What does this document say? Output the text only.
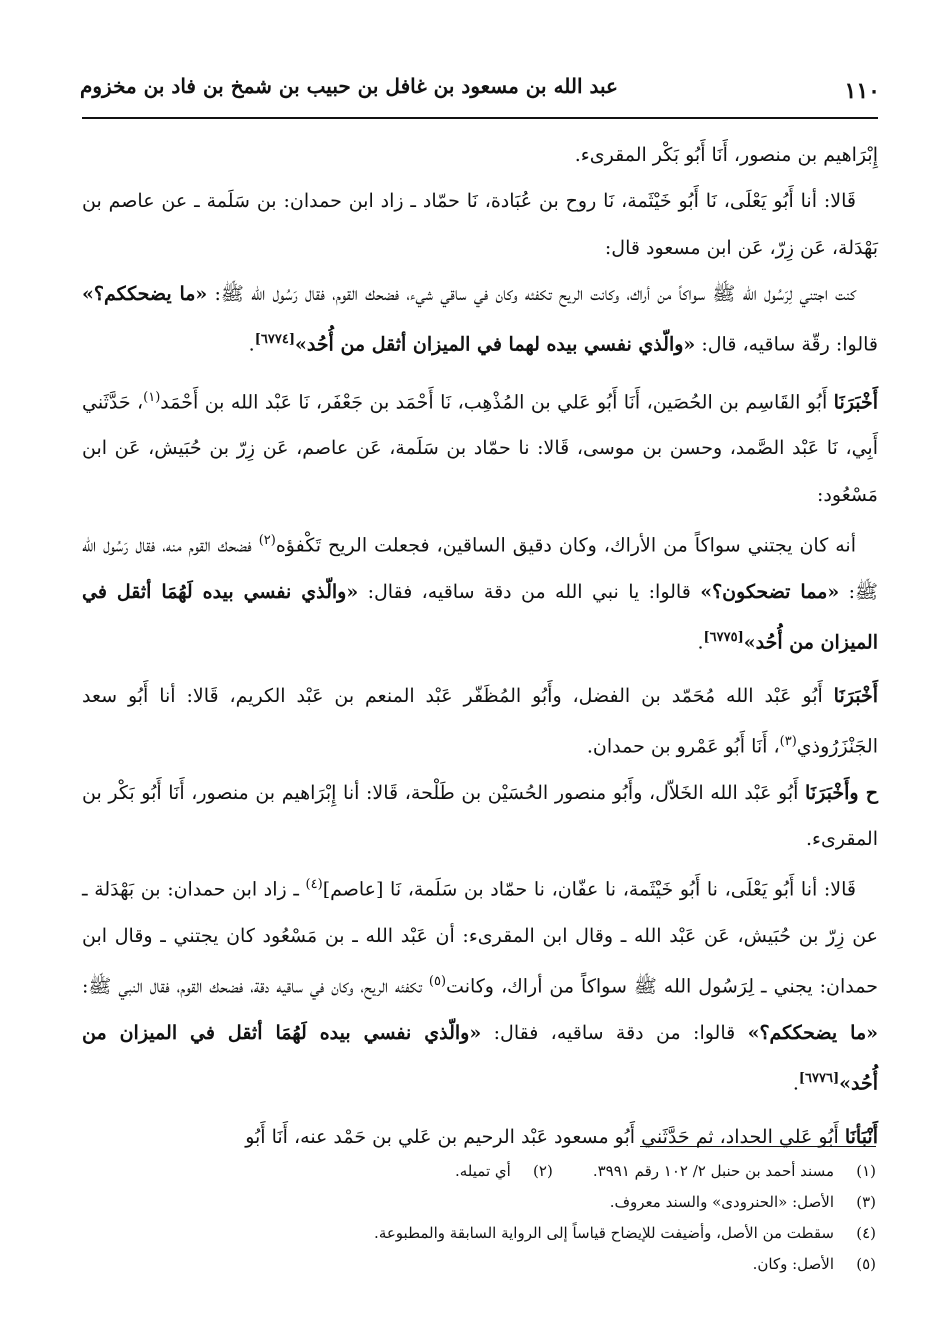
١١٠
عبد الله بن مسعود بن غافل بن حبيب بن شمخ بن فاد بن مخزوم

إِبْرَاهيم بن منصور، أَنَا أَبُو بَكْر المقرىء.

قَالا: أنا أَبُو يَعْلَى، نَا أَبُو خَيْثَمة، نَا روح بن عُبَادة، نَا حمّاد ـ زاد ابن حمدان: بن سَلَمة ـ عن عاصم بن بَهْدَلة، عَن زِرّ، عَن ابن مسعود قال:

كنت اجتني لِرَسُول الله ﷺ سواكاً من أراك، وكانت الريح تكفئه وكان في ساقي شيء، فضحك القوم، فقال رَسُول الله ﷺ: «ما يضحككم؟» قالوا: رقّة ساقيه، قال: «والّذي نفسي بيده لهما في الميزان أثقل من أُحُد»[٦٧٧٤].

أَخْبَرَنَا أَبُو القَاسِم بن الحُصَين، أَنَا أَبُو عَلي بن المُذْهِب، نَا أَحْمَد بن جَعْفَر، نَا عَبْد الله بن أَحْمَد$^{(١)}$، حَدَّثَني أَبِي، نَا عَبْد الصَّمد، وحسن بن موسى، قَالا: نا حمّاد بن سَلَمة، عَن عاصم، عَن زِرّ بن حُبَيش، عَن ابن مَسْعُود:

أنه كان يجتني سواكاً من الأراك، وكان دقيق الساقين، فجعلت الريح تَكْفؤه$^{(٢)}$ فضحك القوم منه، فقال رَسُول الله ﷺ: «مما تضحكون؟» قالوا: يا نبي الله من دقة ساقيه، فقال: «والّذي نفسي بيده لَهُمَا أثقل في الميزان من أُحُد»[٦٧٧٥].

أَخْبَرَنَا أَبُو عَبْد الله مُحَمّد بن الفضل، وأَبُو المُظَفّر عَبْد المنعم بن عَبْد الكريم، قَالا: أنا أَبُو سعد الجَنْزَرُوذي$^{(٣)}$، أَنَا أَبُو عَمْرو بن حمدان.

ح وأَخْبَرَنَا أَبُو عَبْد الله الخَلاّل، وأَبُو منصور الحُسَيْن بن طَلْحة، قَالا: أنا إِبْرَاهيم بن منصور، أَنَا أَبُو بَكْر بن المقرىء.

قَالا: أنا أَبُو يَعْلَى، نا أَبُو خَيْثَمة، نا عفّان، نا حمّاد بن سَلَمة، نَا [عاصم]$^{(٤)}$ ـ زاد ابن حمدان: بن بَهْدَلة ـ عن زِرّ بن حُبَيش، عَن عَبْد الله ـ وقال ابن المقرىء: أن عَبْد الله ـ بن مَسْعُود كان يجتني ـ وقال ابن حمدان: يجني ـ لِرَسُول الله ﷺ سواكاً من أراك، وكانت$^{(٥)}$ تكفئه الريح، وكان في ساقيه دقة، فضحك القوم، فقال النبي ﷺ: «ما يضحككم؟» قالوا: من دقة ساقيه، فقال: «والّذي نفسي بيده لَهُمَا أثقل في الميزان من أُحُد»[٦٧٧٦].

أَنْبَأنَا أَبُو عَلي الحداد، ثم حَدَّثَني أَبُو مسعود عَبْد الرحيم بن عَلي بن حَمْد عنه، أَنَا أَبُو

(١)
مسند أحمد بن حنبل ٢/ ١٠٢ رقم ٣٩٩١.
(٢)
أي تميله.
(٣)
الأصل: «الحنرودى» والسند معروف.
(٤)
سقطت من الأصل، وأضيفت للإيضاح قياساً إلى الرواية السابقة والمطبوعة.
(٥)
الأصل: وكان.
